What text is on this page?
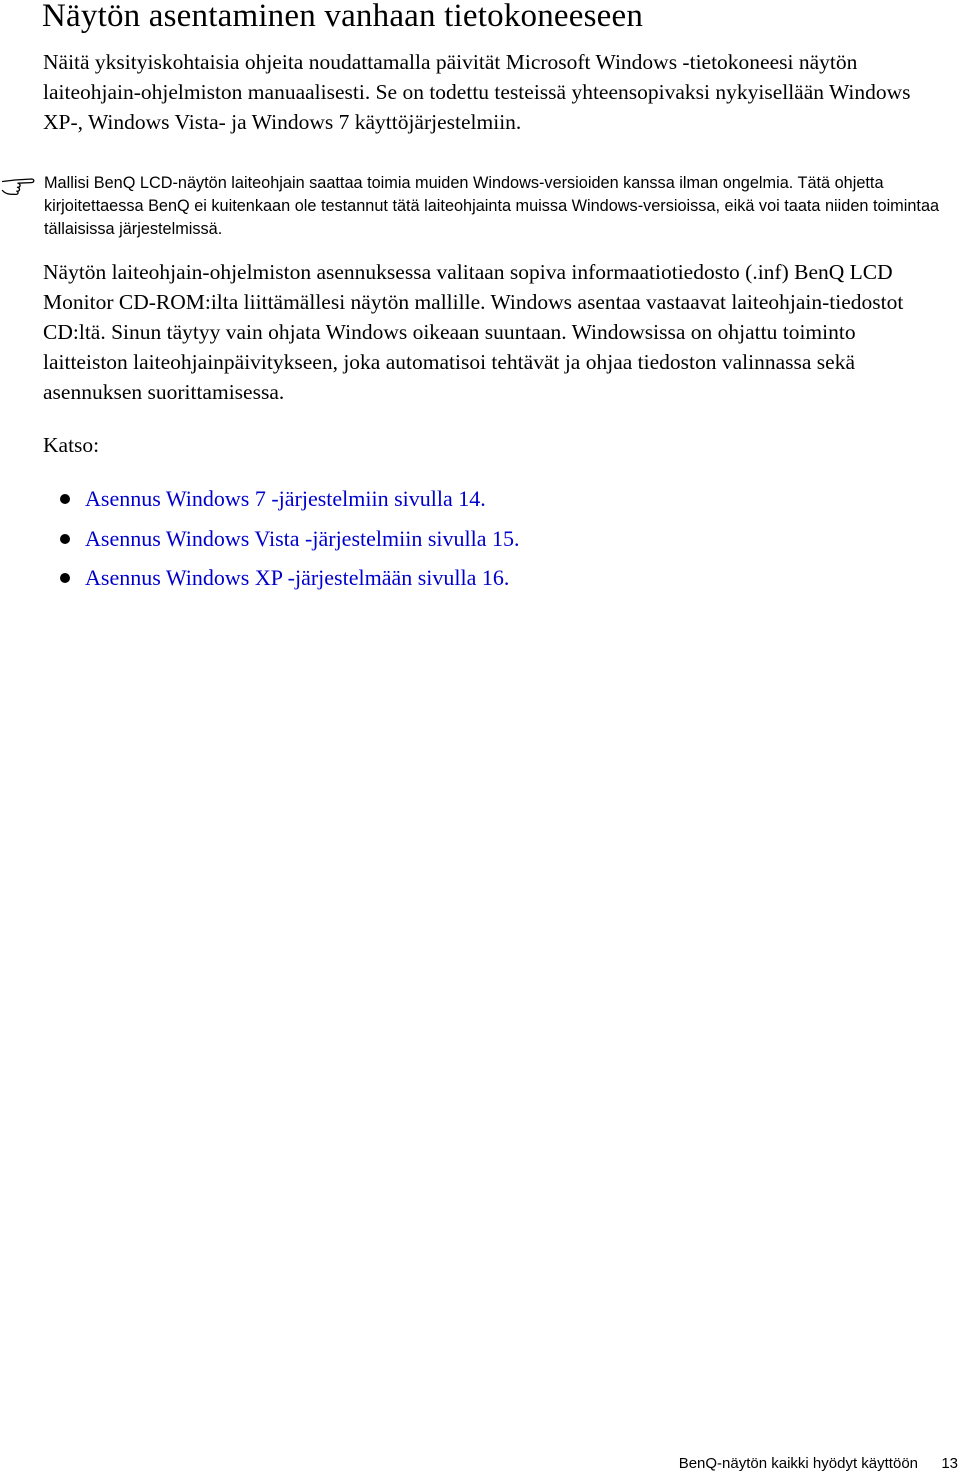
Näytön asentaminen vanhaan tietokoneeseen

Näitä yksityiskohtaisia ohjeita noudattamalla päivität Microsoft Windows -tietokoneesi näytön laiteohjain-ohjelmiston manuaalisesti. Se on todettu testeissä yhteensopivaksi nykyisellään Windows XP-, Windows Vista- ja Windows 7 käyttöjärjestelmiin.

Mallisi BenQ LCD-näytön laiteohjain saattaa toimia muiden Windows-versioiden kanssa ilman ongelmia. Tätä ohjetta kirjoitettaessa BenQ ei kuitenkaan ole testannut tätä laiteohjainta muissa Windows-versioissa, eikä voi taata niiden toimintaa tällaisissa järjestelmissä.

Näytön laiteohjain-ohjelmiston asennuksessa valitaan sopiva informaatiotiedosto (.inf) BenQ LCD Monitor CD-ROM:ilta liittämällesi näytön mallille. Windows asentaa vastaavat laiteohjain-tiedostot CD:ltä. Sinun täytyy vain ohjata Windows oikeaan suuntaan. Windowsissa on ohjattu toiminto laitteiston laiteohjainpäivitykseen, joka automatisoi tehtävät ja ohjaa tiedoston valinnassa sekä asennuksen suorittamisessa.

Katso:

Asennus Windows 7 -järjestelmiin sivulla 14.
Asennus Windows Vista -järjestelmiin sivulla 15.
Asennus Windows XP -järjestelmään sivulla 16.
BenQ-näytön kaikki hyödyt käyttöön 13
